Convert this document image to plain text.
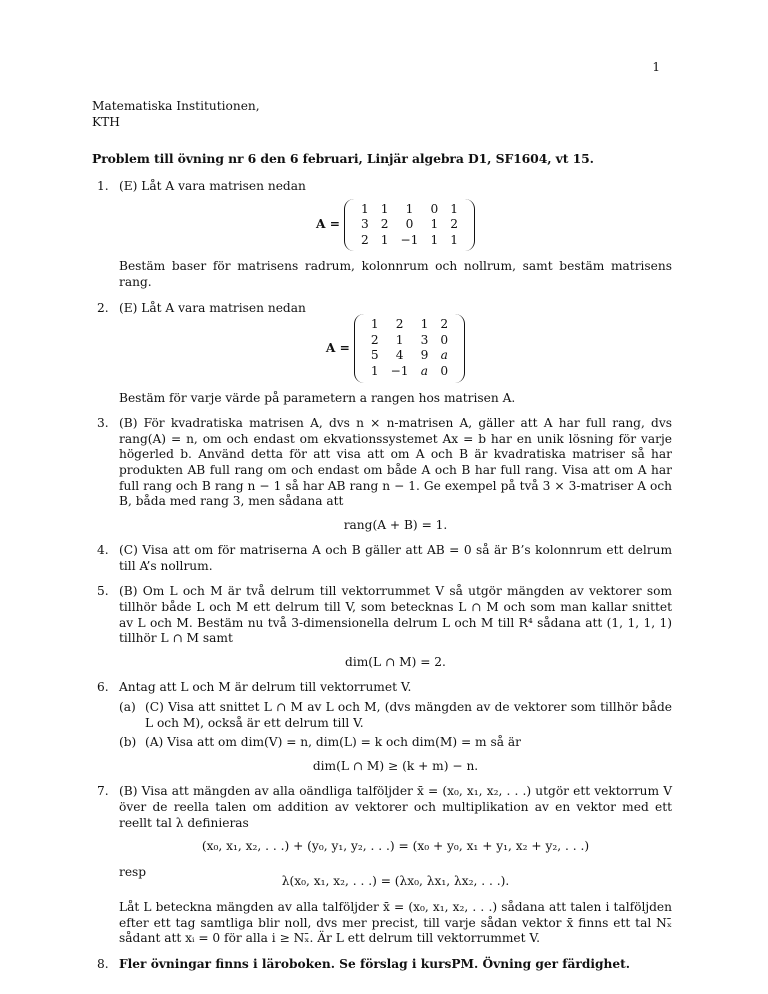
1
Matematiska Institutionen,
KTH
Problem till övning nr 6 den 6 februari, Linjär algebra D1, SF1604, vt 15.
1. (E) Låt A vara matrisen nedan

A =
1	1	1	0	1
3	2	0	1	2
2	1	−1	1	1

Bestäm baser för matrisens radrum, kolonnrum och nollrum, samt bestäm matrisens rang.

2. (E) Låt A vara matrisen nedan

A =
1	2	1	2
2	1	3	0
5	4	9	a
1	−1	a	0

Bestäm för varje värde på parametern a rangen hos matrisen A.

3. (B) För kvadratiska matrisen A, dvs n × n-matrisen A, gäller att A har full rang, dvs rang(A) = n, om och endast om ekvationssystemet Ax = b har en unik lösning för varje högerled b. Använd detta för att visa att om A och B är kvadratiska matriser så har produkten AB full rang om och endast om både A och B har full rang. Visa att om A har full rang och B rang n − 1 så har AB rang n − 1. Ge exempel på två 3 × 3-matriser A och B, båda med rang 3, men sådana att

rang(A + B) = 1.
4. (C) Visa att om för matriserna A och B gäller att AB = 0 så är B’s kolonnrum ett delrum till A’s nollrum.

5. (B) Om L och M är två delrum till vektorrummet V så utgör mängden av vektorer som tillhör både L och M ett delrum till V, som betecknas L ∩ M och som man kallar snittet av L och M. Bestäm nu två 3-dimensionella delrum L och M till R⁴ sådana att (1, 1, 1, 1) tillhör L ∩ M samt

dim(L ∩ M) = 2.
6. Antag att L och M är delrum till vektorrumet V.

(a) (C) Visa att snittet L ∩ M av L och M, (dvs mängden av de vektorer som tillhör både L och M), också är ett delrum till V.

(b) (A) Visa att om dim(V) = n, dim(L) = k och dim(M) = m så är

dim(L ∩ M) ≥ (k + m) − n.
7. (B) Visa att mängden av alla oändliga talföljder x̄ = (x₀, x₁, x₂, . . .) utgör ett vektorrum V över de reella talen om addition av vektorer och multiplikation av en vektor med ett reellt tal λ definieras

(x₀, x₁, x₂, . . .) + (y₀, y₁, y₂, . . .) = (x₀ + y₀, x₁ + y₁, x₂ + y₂, . . .)

resp

λ(x₀, x₁, x₂, . . .) = (λx₀, λx₁, λx₂, . . .).

Låt L beteckna mängden av alla talföljder x̄ = (x₀, x₁, x₂, . . .) sådana att talen i talföljden efter ett tag samtliga blir noll, dvs mer precist, till varje sådan vektor x̄ finns ett tal Nₓ̄ sådant att xᵢ = 0 för alla i ≥ Nₓ̄. Är L ett delrum till vektorrummet V.

8. Fler övningar finns i läroboken. Se förslag i kursPM. Övning ger färdighet.
